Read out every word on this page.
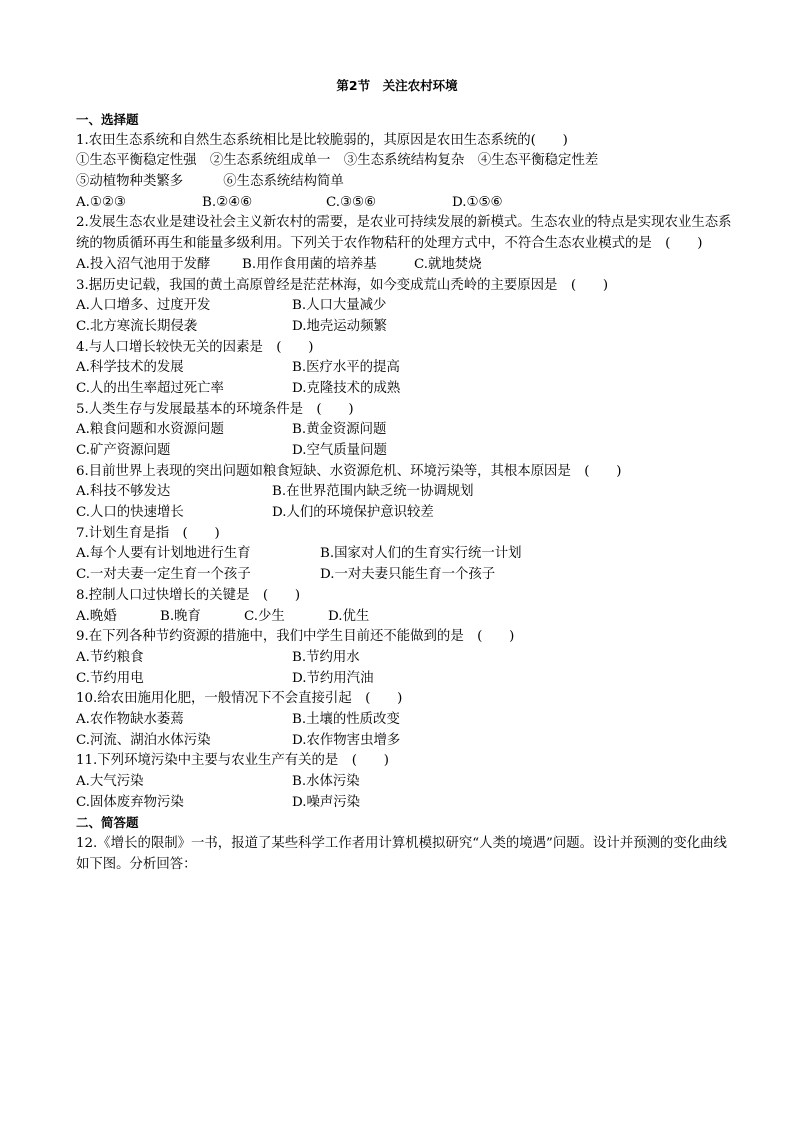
第2节　关注农村环境
一、选择题
1.农田生态系统和自然生态系统相比是比较脆弱的，其原因是农田生态系统的(　　)
①生态平衡稳定性强　②生态系统组成单一　③生态系统结构复杂　④生态平衡稳定性差
⑤动植物种类繁多　　　⑥生态系统结构简单
A.①②③	B.②④⑥	C.③⑤⑥	D.①⑤⑥
2.发展生态农业是建设社会主义新农村的需要，是农业可持续发展的新模式。生态农业的特点是实现农业生态系统的物质循环再生和能量多级利用。下列关于农作物秸秆的处理方式中，不符合生态农业模式的是　(　　)
A.投入沼气池用于发酵 B.用作食用菌的培养基	C.就地焚烧
3.据历史记载，我国的黄土高原曾经是茫茫林海，如今变成荒山秃岭的主要原因是　(　　)
A.人口增多、过度开发	B.人口大量减少
C.北方寒流长期侵袭	D.地壳运动频繁
4.与人口增长较快无关的因素是　(　　)
A.科学技术的发展	B.医疗水平的提高
C.人的出生率超过死亡率	D.克隆技术的成熟
5.人类生存与发展最基本的环境条件是　(　　)
A.粮食问题和水资源问题	B.黄金资源问题
C.矿产资源问题	D.空气质量问题
6.目前世界上表现的突出问题如粮食短缺、水资源危机、环境污染等，其根本原因是　(　　)
A.科技不够发达	B.在世界范围内缺乏统一协调规划
C.人口的快速增长	D.人们的环境保护意识较差
7.计划生育是指　(　　)
A.每个人要有计划地进行生育	B.国家对人们的生育实行统一计划
C.一对夫妻一定生育一个孩子	D.一对夫妻只能生育一个孩子
8.控制人口过快增长的关键是　(　　)
A.晚婚	B.晚育	C.少生	D.优生
9.在下列各种节约资源的措施中，我们中学生目前还不能做到的是　(　　)
A.节约粮食	B.节约用水
C.节约用电	D.节约用汽油
10.给农田施用化肥，一般情况下不会直接引起　(　　)
A.农作物缺水萎蔫	B.土壤的性质改变
C.河流、湖泊水体污染	D.农作物害虫增多
11.下列环境污染中主要与农业生产有关的是　(　　)
A.大气污染	B.水体污染
C.固体废弃物污染	D.噪声污染
二、简答题
12.《增长的限制》一书，报道了某些科学工作者用计算机模拟研究“人类的境遇”问题。设计并预测的变化曲线如下图。分析回答：
